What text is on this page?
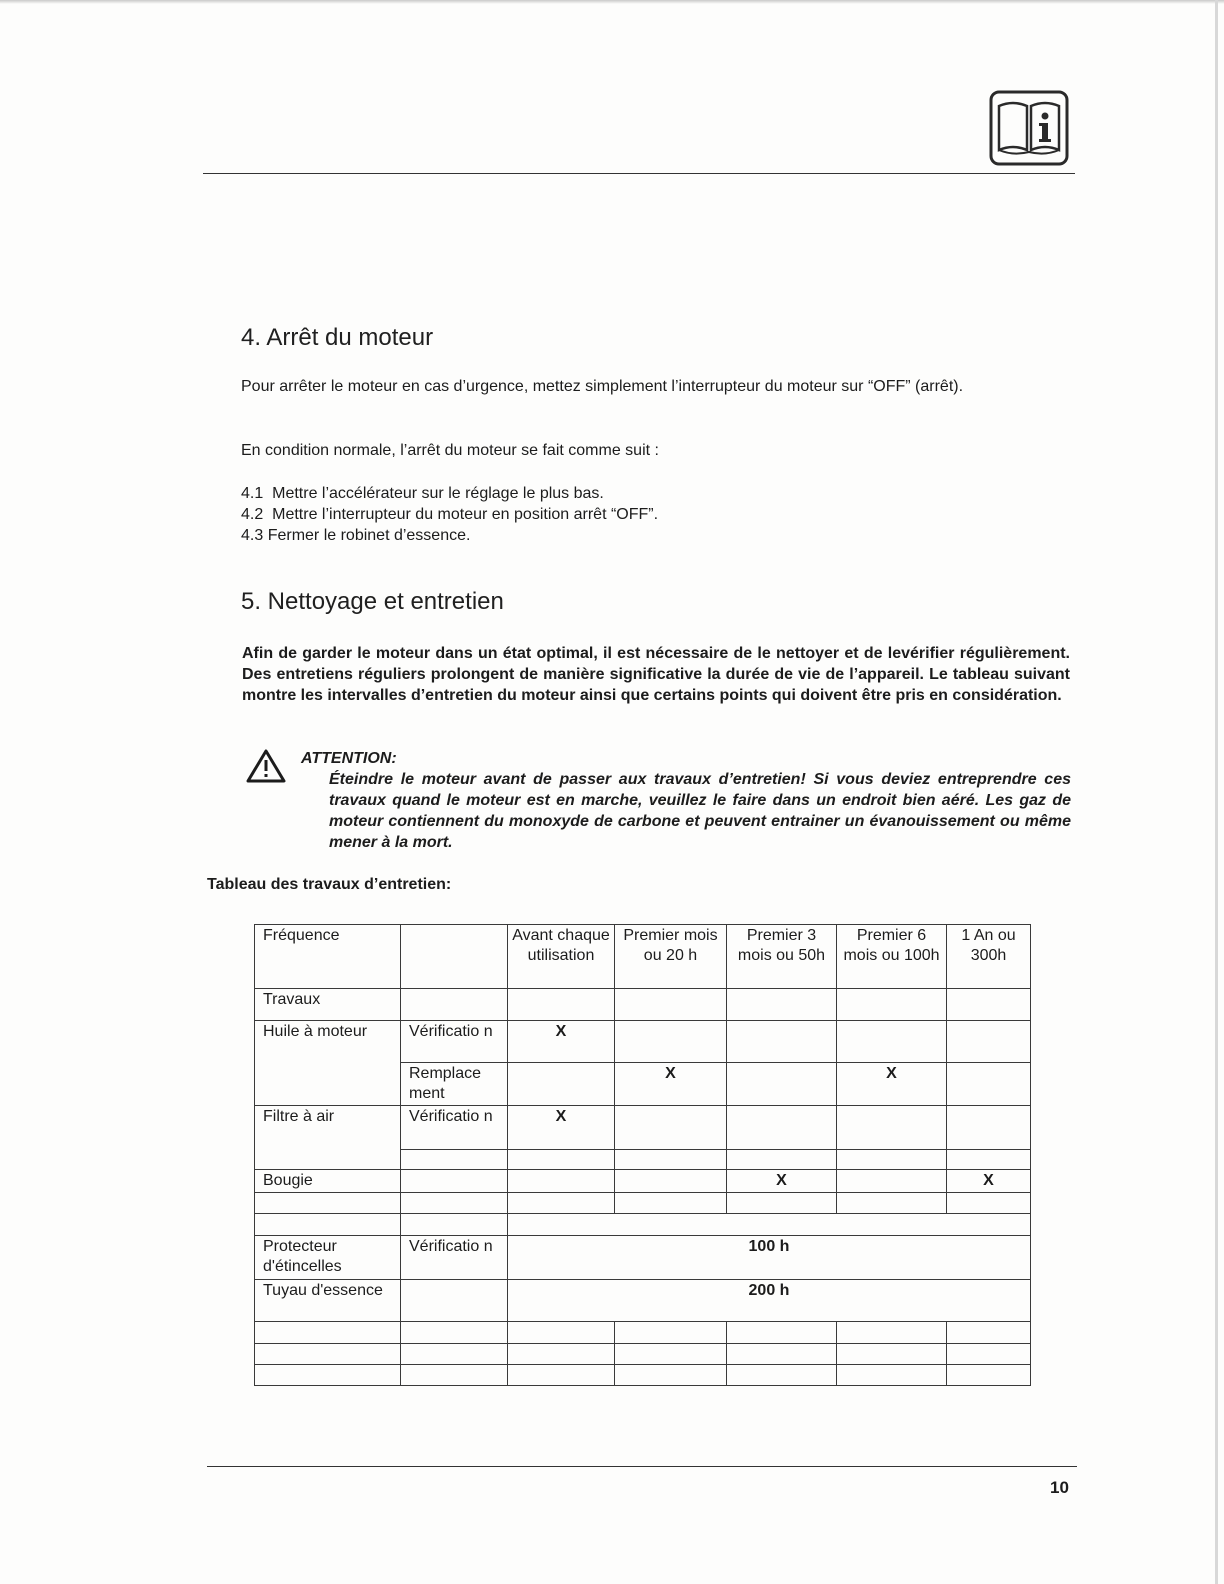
4. Arrêt du moteur

Pour arrêter le moteur en cas d’urgence, mettez simplement l’interrupteur du moteur sur “OFF” (arrêt).

En condition normale, l’arrêt du moteur se fait comme suit :

4.1  Mettre l’accélérateur sur le réglage le plus bas.
4.2  Mettre l’interrupteur du moteur en position arrêt “OFF”.
4.3 Fermer le robinet d’essence.
5. Nettoyage et entretien

Afin de garder le moteur dans un état optimal, il est nécessaire de le nettoyer et de levérifier régulièrement. Des entretiens réguliers prolongent de manière significative la durée de vie de l’appareil. Le tableau suivant montre les intervalles d’entretien du moteur ainsi que certains points qui doivent être pris en considération.

ATTENTION:

Éteindre le moteur avant de passer aux travaux d’entretien! Si vous deviez entreprendre ces travaux quand le moteur est en marche, veuillez le faire dans un endroit bien aéré. Les gaz de moteur contiennent du monoxyde de carbone et peuvent entrainer un évanouissement ou même mener à la mort.

Tableau des travaux d’entretien:
Fréquence		Avant chaque utilisation	Premier mois ou 20 h	Premier 3 mois ou 50h	Premier 6 mois ou 100h	1 An ou 300h
Travaux						
Huile à moteur	Vérificatio n	X				
	Remplace ment		X		X	
Filtre à air	Vérificatio n	X				

Bougie				X		X

Protecteur d'étincelles	Vérificatio n	100 h				
Tuyau d'essence		200 h				

10
